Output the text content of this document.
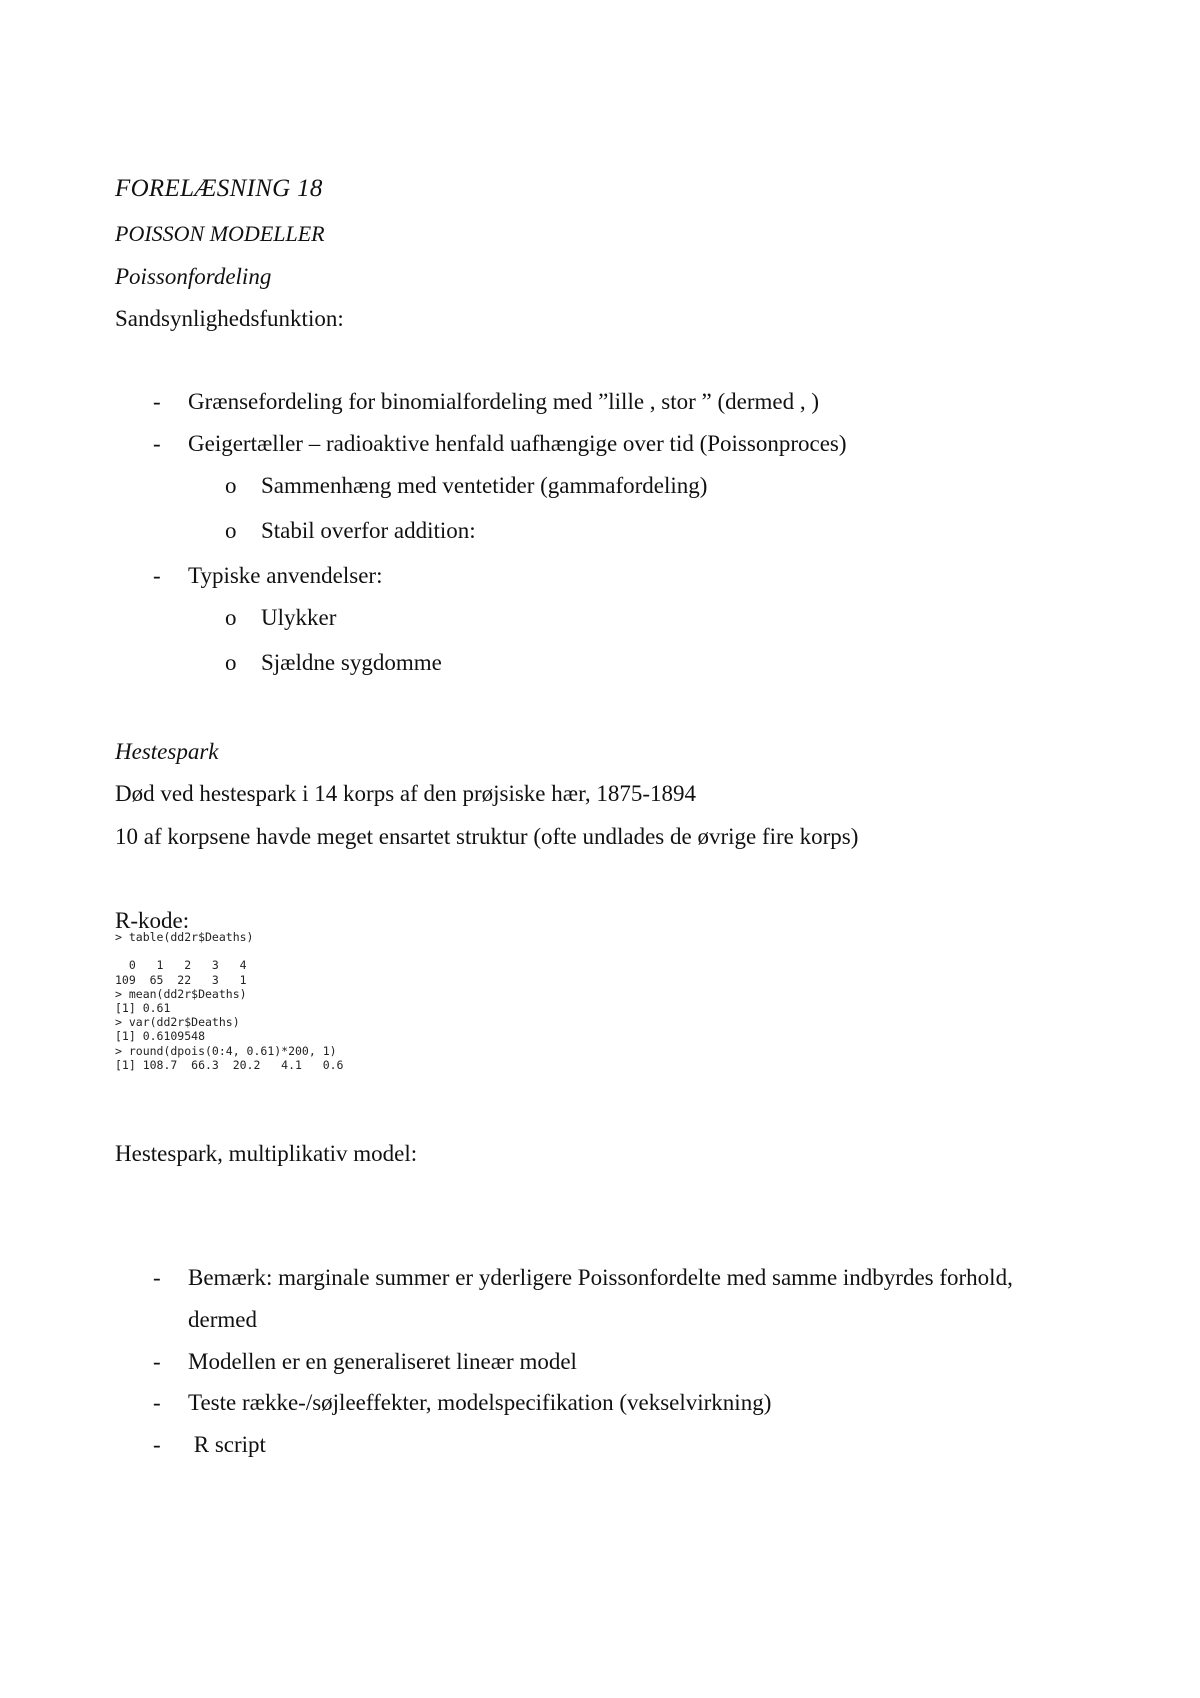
FORELÆSNING 18
POISSON MODELLER
Poissonfordeling
Sandsynlighedsfunktion:
- Grænsefordeling for binomialfordeling med ”lille , stor ” (dermed , )
- Geigertæller – radioaktive henfald uafhængige over tid (Poissonproces)
o Sammenhæng med ventetider (gammafordeling)
o Stabil overfor addition:
- Typiske anvendelser:
o Ulykker
o Sjældne sygdomme
Hestespark
Død ved hestespark i 14 korps af den prøjsiske hær, 1875-1894
10 af korpsene havde meget ensartet struktur (ofte undlades de øvrige fire korps)
R-kode:
> table(dd2r$Deaths)

0   1   2   3   4
109  65  22   3   1
> mean(dd2r$Deaths)
[1] 0.61
> var(dd2r$Deaths)
[1] 0.6109548
> round(dpois(0:4, 0.61)*200, 1)
[1] 108.7  66.3  20.2   4.1   0.6
Hestespark, multiplikativ model:
- Bemærk: marginale summer er yderligere Poissonfordelte med samme indbyrdes forhold,
dermed
- Modellen er en generaliseret lineær model
- Teste række-/søjleeffekter, modelspecifikation (vekselvirkning)
- R script
